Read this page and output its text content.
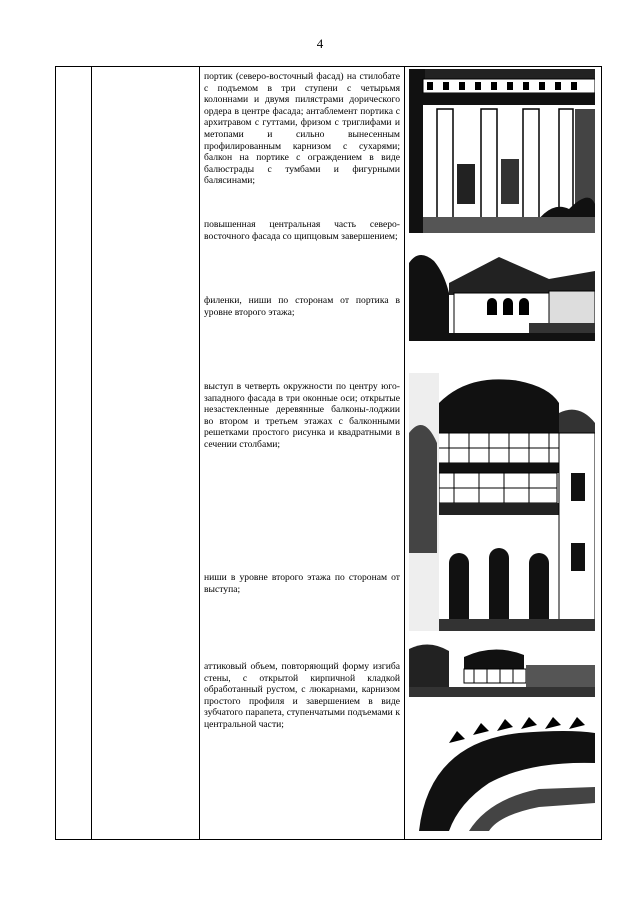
4
портик (северо-восточный фасад) на стилобате с подъемом в три ступени с четырьмя колоннами и двумя пилястрами дорического ордера в центре фасада; антаблемент портика с архитравом с гуттами, фризом с триглифами и метопами и сильно вынесенным профилированным карнизом с сухарями; балкон на портике с ограждением в виде балюстрады с тумбами и фигурными балясинами;
повышенная центральная часть северо-восточного фасада со щипцовым завершением;
филенки, ниши по сторонам от портика в уровне второго этажа;
выступ в четверть окружности по центру юго-западного фасада в три оконные оси; открытые незастекленные деревянные балконы-лоджии во втором и третьем этажах с балконными решетками простого рисунка и квадратными в сечении столбами;
ниши в уровне второго этажа по сторонам от выступа;
аттиковый объем, повторяющий форму изгиба стены, с открытой кирпичной кладкой обработанный рустом, с люкарнами, карнизом простого профиля и завершением в виде зубчатого парапета, ступенчатыми подъемами к центральной части;
